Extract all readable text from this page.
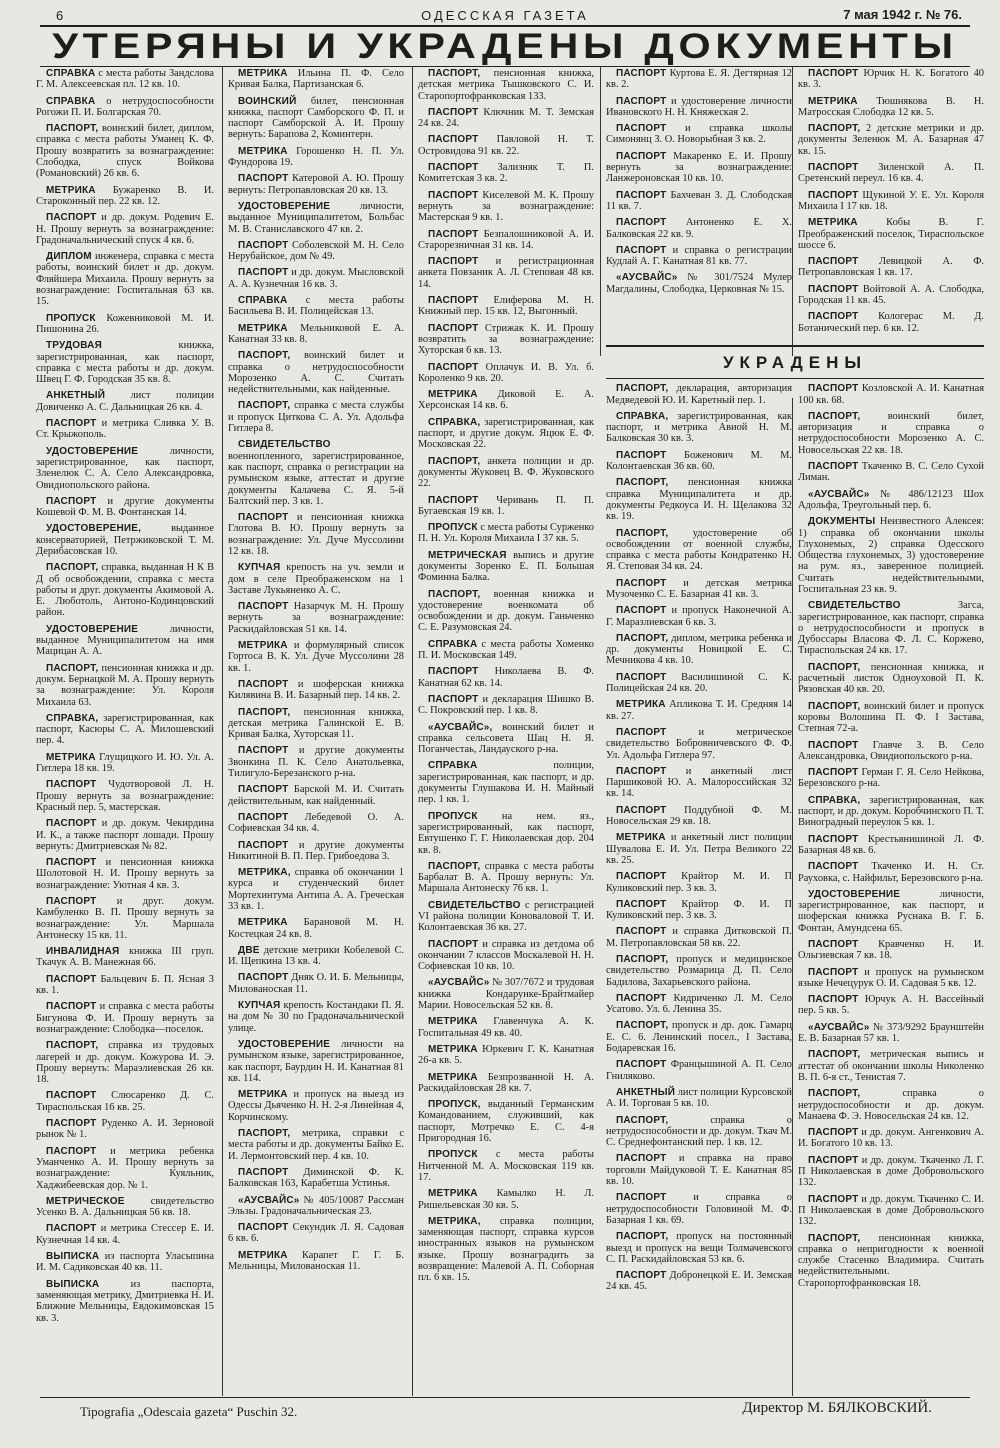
6	ОДЕССКАЯ ГАЗЕТА	7 мая 1942 г. № 76.
УТЕРЯНЫ И УКРАДЕНЫ ДОКУМЕНТЫ
СПРАВКА с места работы Зандслова Г. М. Алексеевская пл. 12 кв. 10.
СПРАВКА о нетрудоспособности Рогожи П. И. Болгарская 70.
ПАСПОРТ, воинский билет, диплом, справка с места работы Уманец К. Ф. Прошу возвратить за вознаграждение: Слободка, спуск Войкова (Романовский) 26 кв. 6.
МЕТРИКА Бужаренко В. И. Староконный пер. 22 кв. 12.
ПАСПОРТ и др. докум. Родевич Е. Н. Прошу вернуть за вознаграждение: Градоначальнический спуск 4 кв. 6.
ДИПЛОМ инженера, справка с места работы, воинский билет и др. докум. Фляйшера Михаила. Прошу вернуть за вознаграждение: Госпитальная 63 кв. 15.
ПРОПУСК Кожевниковой М. И. Пишонина 26.
ТРУДОВАЯ книжка, зарегистрированная, как паспорт, справка с места работы и др. докум. Швец Г. Ф. Городская 35 кв. 8.
АНКЕТНЫЙ лист полиции Довиченко А. С. Дальницкая 26 кв. 4.
ПАСПОРТ и метрика Сливка У. В. Ст. Крыжополь.
УДОСТОВЕРЕНИЕ личности, зарегистрированное, как паспорт, Зленелюк С. А. Село Александровка, Овидиопольского района.
ПАСПОРТ и другие документы Кошевой Ф. М. В. Фонтанская 14.
УДОСТОВЕРЕНИЕ, выданное консерваторией, Петржиковской Т. М. Дерибасовская 10.
ПАСПОРТ, справка, выданная Н К В Д об освобождении, справка с места работы и друг. документы Акимовой А. Е. Люботоль, Антоно-Кодинцовский район.
УДОСТОВЕРЕНИЕ личности, выданное Муниципалитетом на имя Мацицан А. А.
ПАСПОРТ, пенсионная книжка и др. докум. Бернацкой М. А. Прошу вернуть за вознаграждение: Ул. Короля Михаила 63.
СПРАВКА, зарегистрированная, как паспорт, Касюры С. А. Милошевский пер. 4.
МЕТРИКА Глущицкого И. Ю. Ул. А. Гитлера 18 кв. 19.
ПАСПОРТ Чудотворовой Л. Н. Прошу вернуть за вознаграждение: Красный пер. 5, мастерская.
ПАСПОРТ и др. докум. Чекирдина И. К., а также паспорт лошади. Прошу вернуть: Дмитриевская № 82.
ПАСПОРТ и пенсионная книжка Шолотовой Н. И. Прошу вернуть за вознаграждение: Уютная 4 кв. 3.
ПАСПОРТ и друг. докум. Камбуленко В. П. Прошу вернуть за вознаграждение: Ул. Маршала Антонеску 15 кв. 11.
ИНВАЛИДНАЯ книжка III груп. Ткачук А. В. Манежная 66.
ПАСПОРТ Бальцевич Б. П. Ясная 3 кв. 1.
ПАСПОРТ и справка с места работы Бигунова Ф. И. Прошу вернуть за вознаграждение: Слободка—поселок.
ПАСПОРТ, справка из трудовых лагерей и др. докум. Кожурова И. Э. Прошу вернуть: Мараэлиевская 26 кв. 18.
ПАСПОРТ Слюсаренко Д. С. Тираспольская 16 кв. 25.
ПАСПОРТ Руденко А. И. Зерновой рынок № 1.
ПАСПОРТ и метрика ребенка Уманченко А. И. Прошу вернуть за вознаграждение: Куяльник, Хаджибеевская дор. № 1.
МЕТРИЧЕСКОЕ свидетельство Усенко В. А. Дальницкая 56 кв. 18.
ПАСПОРТ и метрика Стессер Е. И. Кузнечная 14 кв. 4.
ВЫПИСКА из паспорта Уласыпина И. М. Садиковская 40 кв. 11.
ВЫПИСКА из паспорта, заменяющая метрику, Дмитриевка Н. И. Ближние Мельницы, Евдокимовская 15 кв. 3.
МЕТРИКА Ильина П. Ф. Село Кривая Балка, Партизанская 6.
ВОИНСКИЙ билет, пенсионная книжка, паспорт Самборского Ф. П. и паспорт Самборской А. И. Прошу вернуть: Барапова 2, Коминтерн.
МЕТРИКА Горошенко Н. П. Ул. Фундорова 19.
ПАСПОРТ Катеровой А. Ю. Прошу вернуть: Петропавловская 20 кв. 13.
УДОСТОВЕРЕНИЕ личности, выданное Муниципалитетом, Больбас М. В. Станиславского 47 кв. 2.
ПАСПОРТ Соболевской М. Н. Село Нерубайское, дом № 49.
ПАСПОРТ и др. докум. Мысловской А. А. Кузнечная 16 кв. 3.
СПРАВКА с места работы Басильева В. И. Полицейская 13.
МЕТРИКА Мельниковой Е. А. Канатная 33 кв. 8.
ПАСПОРТ, воинский билет и справка о нетрудоспособности Морозенко А. С. Считать недействительными, как найденные.
ПАСПОРТ, справка с места службы и пропуск Циткова С. А. Ул. Адольфа Гитлера 8.
СВИДЕТЕЛЬСТВО военнопленного, зарегистрированное, как паспорт, справка о регистрации на румынском языке, аттестат и другие документы Калачева С. Я. 5-й Балтский пер. 3 кв. 1.
ПАСПОРТ и пенсионная книжка Глотова В. Ю. Прошу вернуть за вознаграждение: Ул. Дуче Муссолини 12 кв. 18.
КУПЧАЯ крепость на уч. земли и дом в селе Преображенском на 1 Заставе Лукьяненко А. С.
ПАСПОРТ Назарчук М. Н. Прошу вернуть за вознаграждение: Раскидайловская 51 кв. 14.
МЕТРИКА и формулярный список Гортоса В. К. Ул. Дуче Муссолини 28 кв. 1.
ПАСПОРТ и шоферская книжка Килявина В. И. Базарный пер. 14 кв. 2.
ПАСПОРТ, пенсионная книжка, детская метрика Галинской Е. В. Кривая Балка, Хуторская 11.
ПАСПОРТ и другие документы Звонкина П. К. Село Анатольевка, Тилигуло-Березанского р-на.
ПАСПОРТ Барской М. И. Считать действительным, как найденный.
ПАСПОРТ Лебедевой О. А. Софиевская 34 кв. 4.
ПАСПОРТ и другие документы Никитиной В. П. Пер. Грибоедова 3.
МЕТРИКА, справка об окончании 1 курса и студенческий билет Мортехинтума Антипа А. А. Греческая 33 кв. 1.
МЕТРИКА Барановой М. Н. Костецкая 24 кв. 8.
ДВЕ детские метрики Кобелевой С. И. Щепкина 13 кв. 4.
ПАСПОРТ Дняк О. И. Б. Мельницы, Милованоская 11.
КУПЧАЯ крепость Костандаки П. Я. на дом № 30 по Градоначальнической улице.
УДОСТОВЕРЕНИЕ личности на румынском языке, зарегистрированное, как паспорт, Баурдин Н. И. Канатная 81 кв. 114.
МЕТРИКА и пропуск на выезд из Одессы Дьяченко Н. Н. 2-я Линейная 4, Корчинскому.
ПАСПОРТ, метрика, справки с места работы и др. документы Байко Е. И. Лермонтовский пер. 4 кв. 10.
ПАСПОРТ Диминской Ф. К. Балковская 163, Карабетша Устинья.
«АУСВАЙС» № 405/10087 Рассман Эльзы. Градоначальническая 23.
ПАСПОРТ Секундик Л. Я. Садовая 6 кв. 6.
МЕТРИКА Карапет Г. Г. Б. Мельницы, Милованоская 11.
ПАСПОРТ, пенсионная книжка, детская метрика Тышковского С. И. Старопортофранковская 133.
ПАСПОРТ Ключник М. Т. Земская 24 кв. 24.
ПАСПОРТ Павловой Н. Т. Островидова 91 кв. 22.
ПАСПОРТ Зализняк Т. П. Комитетская 3 кв. 2.
ПАСПОРТ Киселевой М. К. Прошу вернуть за вознаграждение: Мастерская 9 кв. 1.
ПАСПОРТ Безпалошниковой А. И. Старорезничная 31 кв. 14.
ПАСПОРТ и регистрационная анкета Повзаник А. Л. Степовая 48 кв. 14.
ПАСПОРТ Елиферова М. Н. Книжный пер. 15 кв. 12, Выгонный.
ПАСПОРТ Стрижак К. И. Прошу возвратить за вознаграждение: Хуторская 6 кв. 13.
ПАСПОРТ Оплачук И. В. Ул. б. Короленко 9 кв. 20.
МЕТРИКА Диковой Е. А. Херсонская 14 кв. 6.
СПРАВКА, зарегистрированная, как паспорт, и другие докум. Яцюк Е. Ф. Московская 22.
ПАСПОРТ, анкета полиции и др. документы Жуковец В. Ф. Жуковского 22.
ПАСПОРТ Черивань П. П. Бугаевская 19 кв. 1.
ПРОПУСК с места работы Сурженко П. Н. Ул. Короля Михаила I 37 кв. 5.
МЕТРИЧЕСКАЯ выпись и другие документы Зоренко Е. П. Большая Фоминна Балка.
ПАСПОРТ, военная книжка и удостоверение военкомата об освобождении и др. докум. Ганьченко С. Е. Разумовская 24.
СПРАВКА с места работы Хоменко П. И. Московская 149.
ПАСПОРТ Николаева В. Ф. Канатная 62 кв. 14.
ПАСПОРТ и декларация Шишко В. С. Покровский пер. 1 кв. 8.
«АУСВАЙС», воинский билет и справка сельсовета Шац Н. Я. Поганчестаь, Ландауского р-на.
СПРАВКА полиции, зарегистрированная, как паспорт, и др. документы Глушакова И. Н. Майный пер. 1 кв. 1.
ПРОПУСК на нем. яз., зарегистрированный, как паспорт, Евтушенко Г. Г. Николаевская дор. 204 кв. 8.
ПАСПОРТ, справка с места работы Барбалат В. А. Прошу вернуть: Ул. Маршала Антонеску 76 кв. 1.
СВИДЕТЕЛЬСТВО с регистрацией VI района полиции Коноваловой Т. И. Колонтаевская 36 кв. 27.
ПАСПОРТ и справка из детдома об окончании 7 классов Москалевой Н. Н. Софиевская 10 кв. 10.
«АУСВАЙС» № 307/7672 и трудовая книжка Кондарунке-Брайтмайер Марии. Новосельская 52 кв. 8.
МЕТРИКА Главенчука А. К. Госпитальная 49 кв. 40.
МЕТРИКА Юркевич Г. К. Канатная 26-а кв. 5.
МЕТРИКА Безпрозванной Н. А. Раскидайловская 28 кв. 7.
ПРОПУСК, выданный Германским Командованием, служивший, как паспорт, Мотречко Е. С. 4-я Пригородная 16.
ПРОПУСК с места работы Нитченной М. А. Московская 119 кв. 17.
МЕТРИКА Камылко Н. Л. Ришельевская 30 кв. 5.
МЕТРИКА, справка полиции, заменяющая паспорт, справка курсов иностранных языков на румынском языке. Прошу вознаградить за возвращение: Малевой А. П. Соборная пл. 6 кв. 15.
ПАСПОРТ Куртова Е. Я. Дегтярная 12 кв. 2.
ПАСПОРТ и удостоверение личности Ивановского Н. Н. Княжеская 2.
ПАСПОРТ и справка школы Симонянц З. О. Новорыбная 3 кв. 2.
ПАСПОРТ Макаренко Е. И. Прошу вернуть за вознаграждение: Ланжероновская 10 кв. 10.
ПАСПОРТ Бахчеван З. Д. Слободская 11 кв. 7.
ПАСПОРТ Антоненко Е. Х. Балковская 22 кв. 9.
ПАСПОРТ и справка о регистрации Кудлай А. Г. Канатная 81 кв. 77.
«АУСВАЙС» № 301/7524 Мулер Магдалины, Слободка, Церковная № 15.
ПАСПОРТ Юрчик Н. К. Богатого 40 кв. 3.
МЕТРИКА Тюшнякова В. Н. Матросская Слободка 12 кв. 5.
ПАСПОРТ, 2 детские метрики и др. документы Зеленюк М. А. Базарная 47 кв. 15.
ПАСПОРТ Зиленской А. П. Сретенский переул. 16 кв. 4.
ПАСПОРТ Щукиной У. Е. Ул. Короля Михаила I 17 кв. 18.
МЕТРИКА Кобы В. Г. Преображенский поселок, Тираспольское шоссе 6.
ПАСПОРТ Левицкой А. Ф. Петропавловская 1 кв. 17.
ПАСПОРТ Войтовой А. А. Слободка, Городская 11 кв. 45.
ПАСПОРТ Кологерас М. Д. Ботанический пер. 6 кв. 12.
УКРАДЕНЫ
ПАСПОРТ, декларация, авторизация Медведевой Ю. И. Каретный пер. 1.
СПРАВКА, зарегистрированная, как паспорт, и метрика Авиой Н. М. Балковская 30 кв. 3.
ПАСПОРТ Боженович М. М. Колонтаевская 36 кв. 60.
ПАСПОРТ, пенсионная книжка справка Муниципалитета и др. документы Редкоуса И. Н. Щелакова 32 кв. 19.
ПАСПОРТ, удостоверение об освобождении от военной службы, справка с места работы Кондратенко Н. Я. Степовая 34 кв. 24.
ПАСПОРТ и детская метрика Музоченко С. Е. Базарная 41 кв. 3.
ПАСПОРТ и пропуск Наконечной А. Г. Маразлиевская 6 кв. 3.
ПАСПОРТ, диплом, метрика ребенка и др. документы Новицкой Е. С. Мечникова 4 кв. 10.
ПАСПОРТ Василишиной С. К. Полицейская 24 кв. 20.
МЕТРИКА Апликова Т. И. Средняя 14 кв. 27.
ПАСПОРТ и метрическое свидетельство Бобровничевского Ф. Ф. Ул. Адольфа Гитлера 97.
ПАСПОРТ и анкетный лист Паршиковой Ю. А. Малороссийская 32 кв. 14.
ПАСПОРТ Поддубной Ф. М. Новосельская 29 кв. 18.
МЕТРИКА и анкетный лист полиции Шувалова Е. И. Ул. Петра Великого 22 кв. 25.
ПАСПОРТ Крайтор М. И. П Куликовский пер. 3 кв. 3.
ПАСПОРТ Крайтор Ф. И. П Куликовский пер. 3 кв. 3.
ПАСПОРТ и справка Дитковской П. М. Петропавловская 58 кв. 22.
ПАСПОРТ, пропуск и медицинское свидетельство Розмарица Д. П. Село Бадилова, Захарьевского района.
ПАСПОРТ Кидриченко Л. М. Село Усатово. Ул. 6. Ленина 35.
ПАСПОРТ, пропуск и др. док. Гамарц Е. С. 6. Ленинский посел., I Застава, Бодаревская 16.
ПАСПОРТ Францышиной А. П. Село Гниляково.
АНКЕТНЫЙ лист полиции Курсовской А. И. Торговая 5 кв. 10.
ПАСПОРТ, справка о нетрудоспособности и др. докум. Ткач М. С. Среднефонтанский пер. 1 кв. 12.
ПАСПОРТ и справка на право торговли Майдуковой Т. Е. Канатная 85 кв. 10.
ПАСПОРТ и справка о нетрудоспособности Головиной М. Ф. Базарная 1 кв. 69.
ПАСПОРТ, пропуск на постоянный выезд и пропуск на вещи Толмачевского С. П. Раскидайловская 53 кв. 6.
ПАСПОРТ Добронецкой Е. И. Земская 24 кв. 45.
ПАСПОРТ Козловской А. И. Канатная 100 кв. 68.
ПАСПОРТ, воинский билет, авторизация и справка о нетрудоспособности Морозенко А. С. Новосельская 22 кв. 18.
ПАСПОРТ Ткаченко В. С. Село Сухой Лиман.
«АУСВАЙС» № 486/12123 Шох Адольфа, Треугольный пер. 6.
ДОКУМЕНТЫ Неизвестного Алексея: 1) справка об окончании школы Глухонемых, 2) справка Одесского Общества глухонемых, 3) удостоверение на рум. яз., заверенное полицией. Считать недействительными, Госпитальная 23 кв. 9.
СВИДЕТЕЛЬСТВО Загса, зарегистрированное, как паспорт, справка о нетрудоспособности и пропуск в Дубоссары Власова Ф. Л. С. Коржево, Тираспольская 24 кв. 17.
ПАСПОРТ, пенсионная книжка, и расчетный листок Одноуховой П. К. Рязовская 40 кв. 20.
ПАСПОРТ, воинский билет и пропуск коровы Волошина П. Ф. I Застава, Степная 72-а.
ПАСПОРТ Главче З. В. Село Александровка, Овидиопольского р-на.
ПАСПОРТ Герман Г. Я. Село Нейкова, Березовского р-на.
СПРАВКА, зарегистрированная, как паспорт, и др. докум. Коробчинского П. Т. Виноградный переулок 5 кв. 1.
ПАСПОРТ Крестьянишиной Л. Ф. Базарная 48 кв. 6.
ПАСПОРТ Ткаченко И. Н. Ст. Рауховка, с. Найфильт, Березовского р-на.
УДОСТОВЕРЕНИЕ личности, зарегистрированное, как паспорт, и шоферская книжка Руснака В. Г. Б. Фонтан, Амундсена 65.
ПАСПОРТ Кравченко Н. И. Ольгиевская 7 кв. 18.
ПАСПОРТ и пропуск на румынском языке Нечецурук О. И. Садовая 5 кв. 12.
ПАСПОРТ Юрчук А. Н. Вассейный пер. 5 кв. 5.
«АУСВАЙС» № 373/9292 Браунштейн Е. В. Базарная 57 кв. 1.
ПАСПОРТ, метрическая выпись и аттестат об окончании школы Николенко В. П. 6-я ст., Тенистая 7.
ПАСПОРТ, справка о нетрудоспособности и др. докум. Манаева Ф. Э. Новосельская 24 кв. 12.
ПАСПОРТ и др. докум. Ангенкович А. И. Богатого 10 кв. 13.
ПАСПОРТ и др. докум. Ткаченко Л. Г. П Николаевская в доме Добровольского 132.
ПАСПОРТ и др. докум. Ткаченко С. И. П Николаевская в доме Добровольского 132.
ПАСПОРТ, пенсионная книжка, справка о непригодности к военной службе Стасенко Владимира. Считать недействительными. Старопортофранковская 18.
Tipografia „Odescaia gazeta“ Puschin 32.	Директор М. БЯЛКОВСКИЙ.
